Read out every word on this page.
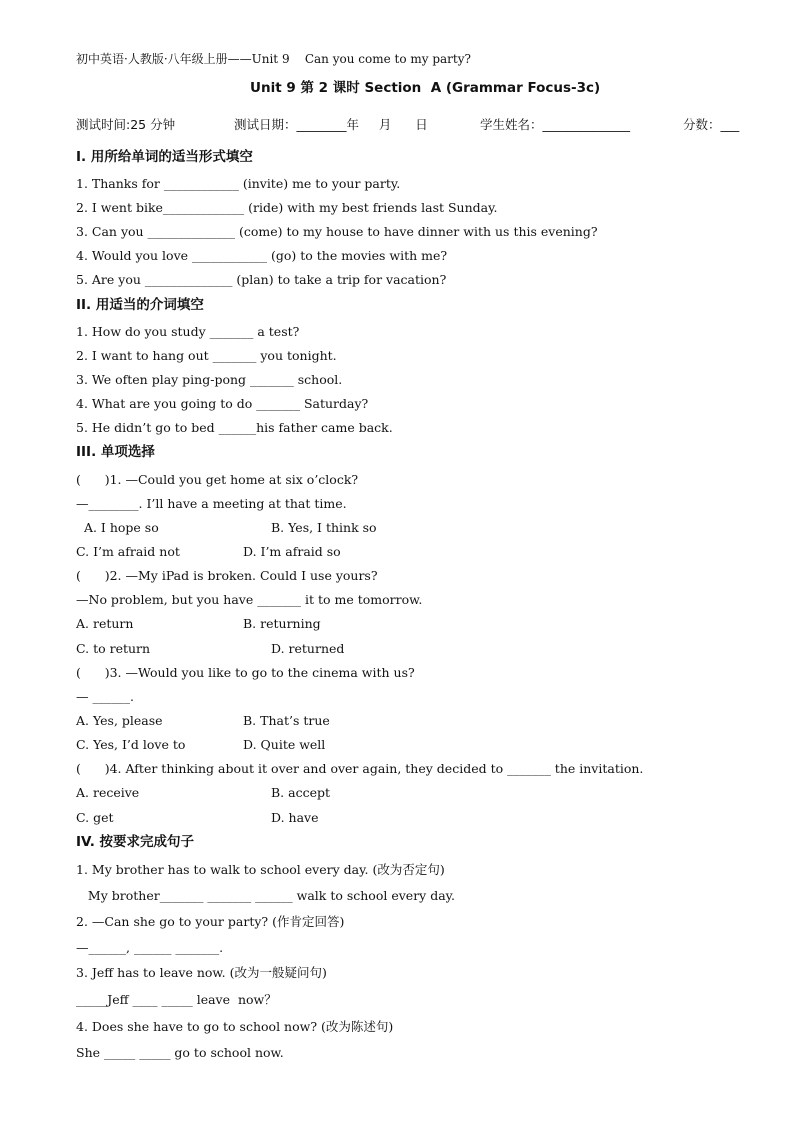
初中英语·人教版·八年级上册——Unit 9    Can you come to my party?
Unit 9 第 2 课时 Section  A (Grammar Focus-3c)
测试时间:25 分钟	测试日期：________年     月      日	学生姓名：______________	分数：___
I. 用所给单词的适当形式填空
1. Thanks for ____________ (invite) me to your party.
2. I went bike_____________ (ride) with my best friends last Sunday.
3. Can you ______________ (come) to my house to have dinner with us this evening?
4. Would you love ____________ (go) to the movies with me?
5. Are you ______________ (plan) to take a trip for vacation?
II. 用适当的介词填空
1. How do you study _______ a test?
2. I want to hang out _______ you tonight.
3. We often play ping-pong _______ school.
4. What are you going to do _______ Saturday?
5. He didn’t go to bed ______his father came back.
III. 单项选择
(      )1. —Could you get home at six o’clock?
—________. I’ll have a meeting at that time.
A. I hope so	B. Yes, I think so
C. I’m afraid not	D. I’m afraid so
(      )2. —My iPad is broken. Could I use yours?
—No problem, but you have _______ it to me tomorrow.
A. return	B. returning
C. to return	D. returned
(      )3. —Would you like to go to the cinema with us?
— ______.
A. Yes, please	B. That’s true
C. Yes, I’d love to	D. Quite well
(      )4. After thinking about it over and over again, they decided to _______ the invitation.
A. receive	B. accept
C. get	D. have
IV. 按要求完成句子
1. My brother has to walk to school every day. (改为否定句)
My brother_______ _______ ______ walk to school every day.
2. —Can she go to your party? (作肯定回答)
—______, ______ _______.
3. Jeff has to leave now. (改为一般疑问句)
_____Jeff ____ _____ leave  now？
4. Does she have to go to school now? (改为陈述句)
She _____ _____ go to school now.
